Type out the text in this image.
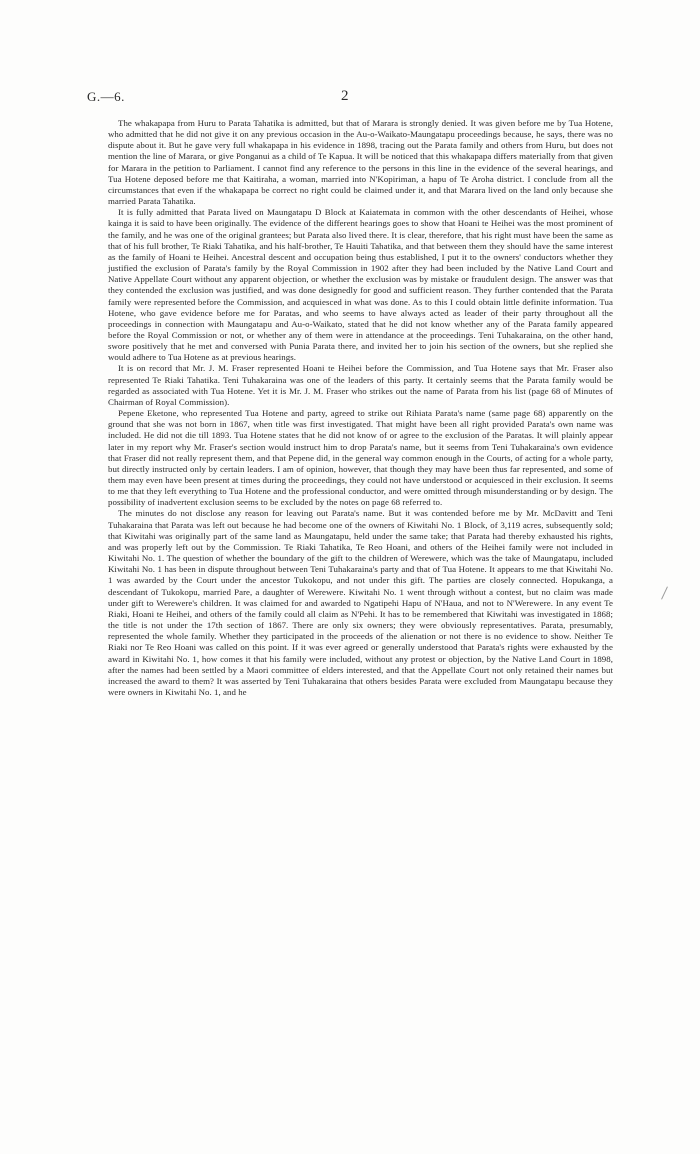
G.—6.	2

The whakapapa from Huru to Parata Tahatika is admitted, but that of Marara is strongly denied. It was given before me by Tua Hotene, who admitted that he did not give it on any previous occasion in the Au-o-Waikato-Maungatapu proceedings because, he says, there was no dispute about it. But he gave very full whakapapa in his evidence in 1898, tracing out the Parata family and others from Huru, but does not mention the line of Marara, or give Ponganui as a child of Te Kapua. It will be noticed that this whakapapa differs materially from that given for Marara in the petition to Parliament. I cannot find any reference to the persons in this line in the evidence of the several hearings, and Tua Hotene deposed before me that Kaitiraha, a woman, married into N'Kopiriman, a hapu of Te Aroha district. I conclude from all the circumstances that even if the whakapapa be correct no right could be claimed under it, and that Marara lived on the land only because she married Parata Tahatika.

It is fully admitted that Parata lived on Maungatapu D Block at Kaiatemata in common with the other descendants of Heihei, whose kainga it is said to have been originally. The evidence of the different hearings goes to show that Hoani te Heihei was the most prominent of the family, and he was one of the original grantees; but Parata also lived there. It is clear, therefore, that his right must have been the same as that of his full brother, Te Riaki Tahatika, and his half-brother, Te Hauiti Tahatika, and that between them they should have the same interest as the family of Hoani te Heihei. Ancestral descent and occupation being thus established, I put it to the owners' conductors whether they justified the exclusion of Parata's family by the Royal Commission in 1902 after they had been included by the Native Land Court and Native Appellate Court without any apparent objection, or whether the exclusion was by mistake or fraudulent design. The answer was that they contended the exclusion was justified, and was done designedly for good and sufficient reason. They further contended that the Parata family were represented before the Commission, and acquiesced in what was done. As to this I could obtain little definite information. Tua Hotene, who gave evidence before me for Paratas, and who seems to have always acted as leader of their party throughout all the proceedings in connection with Maungatapu and Au-o-Waikato, stated that he did not know whether any of the Parata family appeared before the Royal Commission or not, or whether any of them were in attendance at the proceedings. Teni Tuhakaraina, on the other hand, swore positively that he met and conversed with Punia Parata there, and invited her to join his section of the owners, but she replied she would adhere to Tua Hotene as at previous hearings.

It is on record that Mr. J. M. Fraser represented Hoani te Heihei before the Commission, and Tua Hotene says that Mr. Fraser also represented Te Riaki Tahatika. Teni Tuhakaraina was one of the leaders of this party. It certainly seems that the Parata family would be regarded as associated with Tua Hotene. Yet it is Mr. J. M. Fraser who strikes out the name of Parata from his list (page 68 of Minutes of Chairman of Royal Commission).

Pepene Eketone, who represented Tua Hotene and party, agreed to strike out Rihiata Parata's name (same page 68) apparently on the ground that she was not born in 1867, when title was first investigated. That might have been all right provided Parata's own name was included. He did not die till 1893. Tua Hotene states that he did not know of or agree to the exclusion of the Paratas. It will plainly appear later in my report why Mr. Fraser's section would instruct him to drop Parata's name, but it seems from Teni Tuhakaraina's own evidence that Fraser did not really represent them, and that Pepene did, in the general way common enough in the Courts, of acting for a whole party, but directly instructed only by certain leaders. I am of opinion, however, that though they may have been thus far represented, and some of them may even have been present at times during the proceedings, they could not have understood or acquiesced in their exclusion. It seems to me that they left everything to Tua Hotene and the professional conductor, and were omitted through misunderstanding or by design. The possibility of inadvertent exclusion seems to be excluded by the notes on page 68 referred to.

The minutes do not disclose any reason for leaving out Parata's name. But it was contended before me by Mr. McDavitt and Teni Tuhakaraina that Parata was left out because he had become one of the owners of Kiwitahi No. 1 Block, of 3,119 acres, subsequently sold; that Kiwitahi was originally part of the same land as Maungatapu, held under the same take; that Parata had thereby exhausted his rights, and was properly left out by the Commission. Te Riaki Tahatika, Te Reo Hoani, and others of the Heihei family were not included in Kiwitahi No. 1. The question of whether the boundary of the gift to the children of Werewere, which was the take of Maungatapu, included Kiwitahi No. 1 has been in dispute throughout between Teni Tuhakaraina's party and that of Tua Hotene. It appears to me that Kiwitahi No. 1 was awarded by the Court under the ancestor Tukokopu, and not under this gift. The parties are closely connected. Hopukanga, a descendant of Tukokopu, married Pare, a daughter of Werewere. Kiwitahi No. 1 went through without a contest, but no claim was made under gift to Werewere's children. It was claimed for and awarded to Ngatipehi Hapu of N'Haua, and not to N'Werewere. In any event Te Riaki, Hoani te Heihei, and others of the family could all claim as N'Pehi. It has to be remembered that Kiwitahi was investigated in 1868; the title is not under the 17th section of 1867. There are only six owners; they were obviously representatives. Parata, presumably, represented the whole family. Whether they participated in the proceeds of the alienation or not there is no evidence to show. Neither Te Riaki nor Te Reo Hoani was called on this point. If it was ever agreed or generally understood that Parata's rights were exhausted by the award in Kiwitahi No. 1, how comes it that his family were included, without any protest or objection, by the Native Land Court in 1898, after the names had been settled by a Maori committee of elders interested, and that the Appellate Court not only retained their names but increased the award to them? It was asserted by Teni Tuhakaraina that others besides Parata were excluded from Maungatapu because they were owners in Kiwitahi No. 1, and he
